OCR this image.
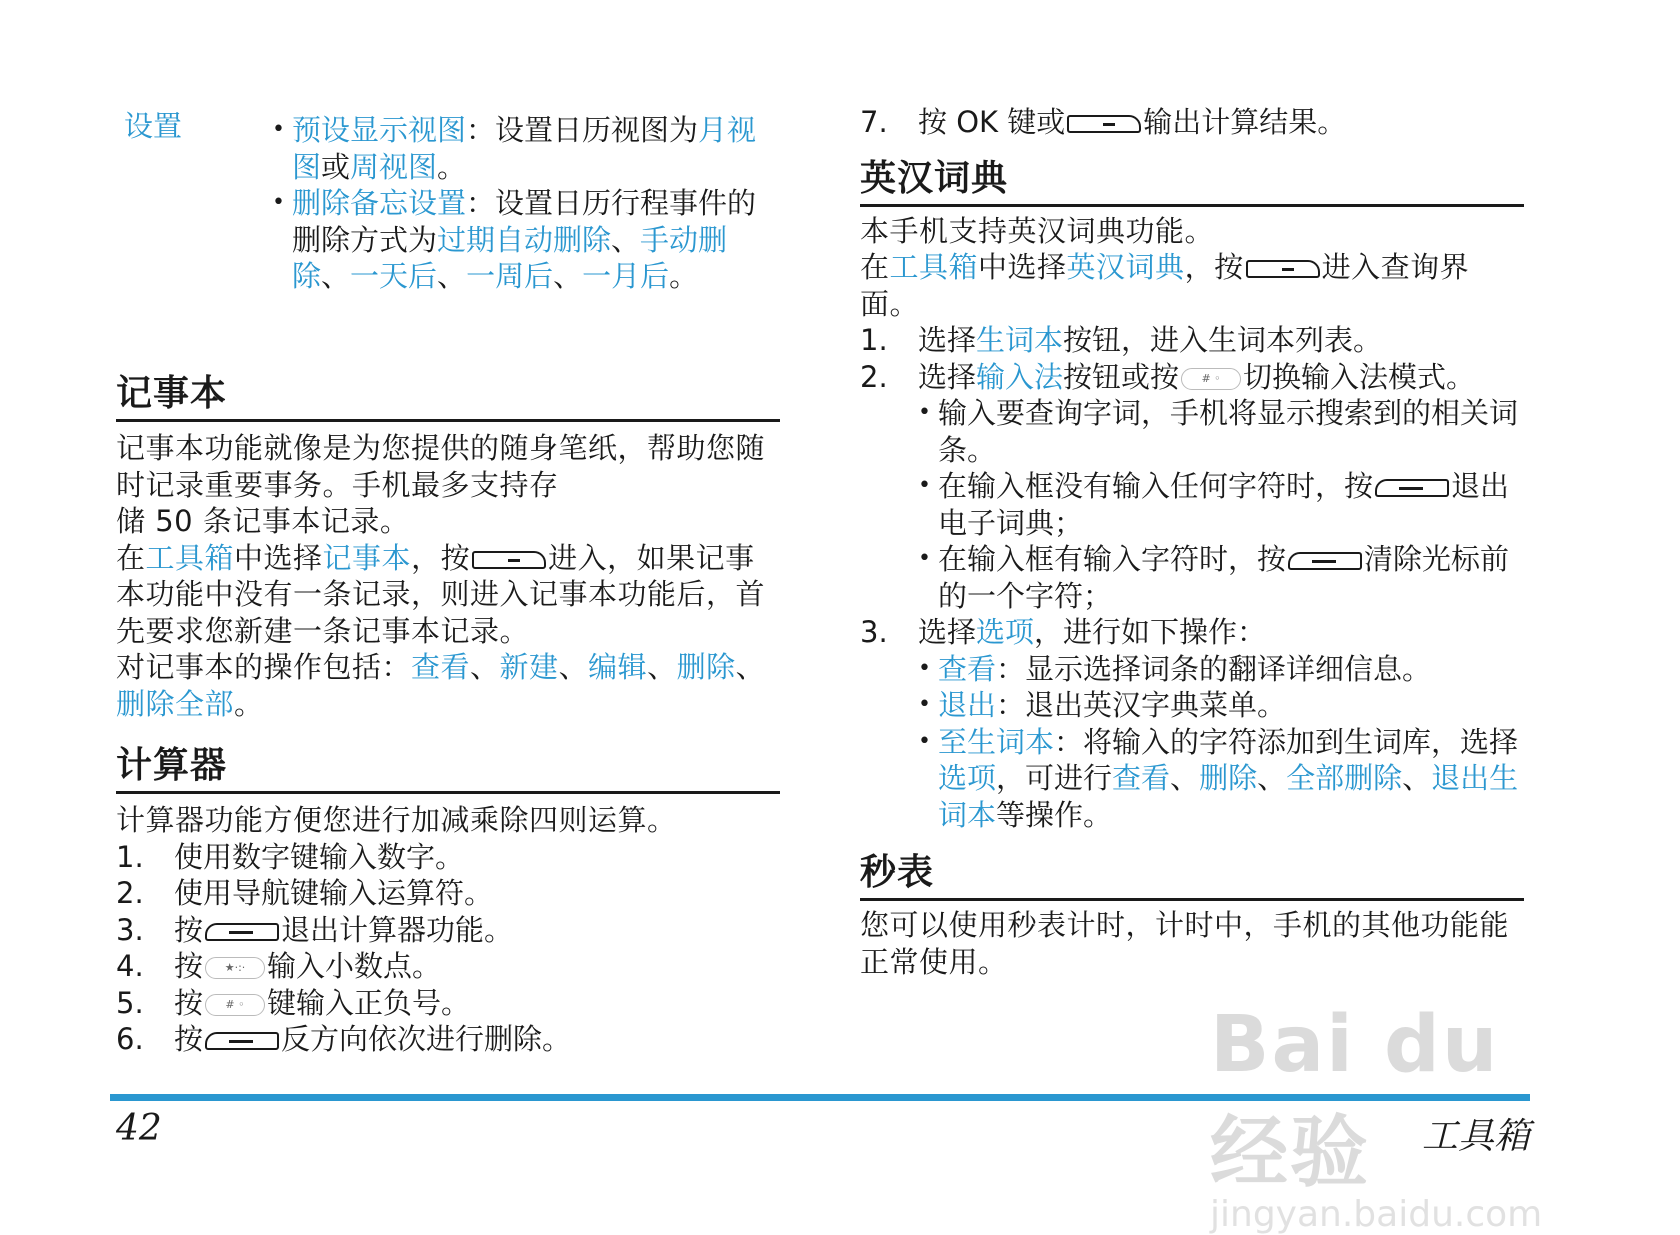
设置	• 预设显示视图：设置日历视图为月视图或周视图。
• 删除备忘设置：设置日历行程事件的删除方式为过期自动删除、手动删除、一天后、一周后、一月后。
记事本

记事本功能就像是为您提供的随身笔纸，帮助您随时记录重要事务。手机最多支持存
储 50 条记事本记录。

在工具箱中选择记事本，按	进入，如果记事本功能中没有一条记录，则进入记事本功能后，首先要求您新建一条记事本记录。

对记事本的操作包括：查看、新建、编辑、删除、删除全部。

计算器

计算器功能方便您进行加减乘除四则运算。

1.	使用数字键输入数字。
2.	使用导航键输入运算符。
3.	按	退出计算器功能。
4.	按 ★·:· 输入小数点。
5.	按 # ◦ 键输入正负号。
6.	按	反方向依次进行删除。
7.	按 OK 键或	输出计算结果。
英汉词典

本手机支持英汉词典功能。

在工具箱中选择英汉词典，按	进入查询界面。

1.	选择生词本按钮，进入生词本列表。
2.	选择输入法按钮或按 # ◦ 切换输入法模式。
• 输入要查询字词，手机将显示搜索到的相关词条。
• 在输入框没有输入任何字符时，按	退出电子词典；
• 在输入框有输入字符时，按	清除光标前的一个字符；
3.	选择选项，进行如下操作：
• 查看：显示选择词条的翻译详细信息。
• 退出：退出英汉字典菜单。
• 至生词本：将输入的字符添加到生词库，选择选项，可进行查看、删除、全部删除、退出生词本等操作。
秒表

您可以使用秒表计时，计时中，手机的其他功能能正常使用。

42	工具箱
Bai du 经验
jingyan.baidu.com
